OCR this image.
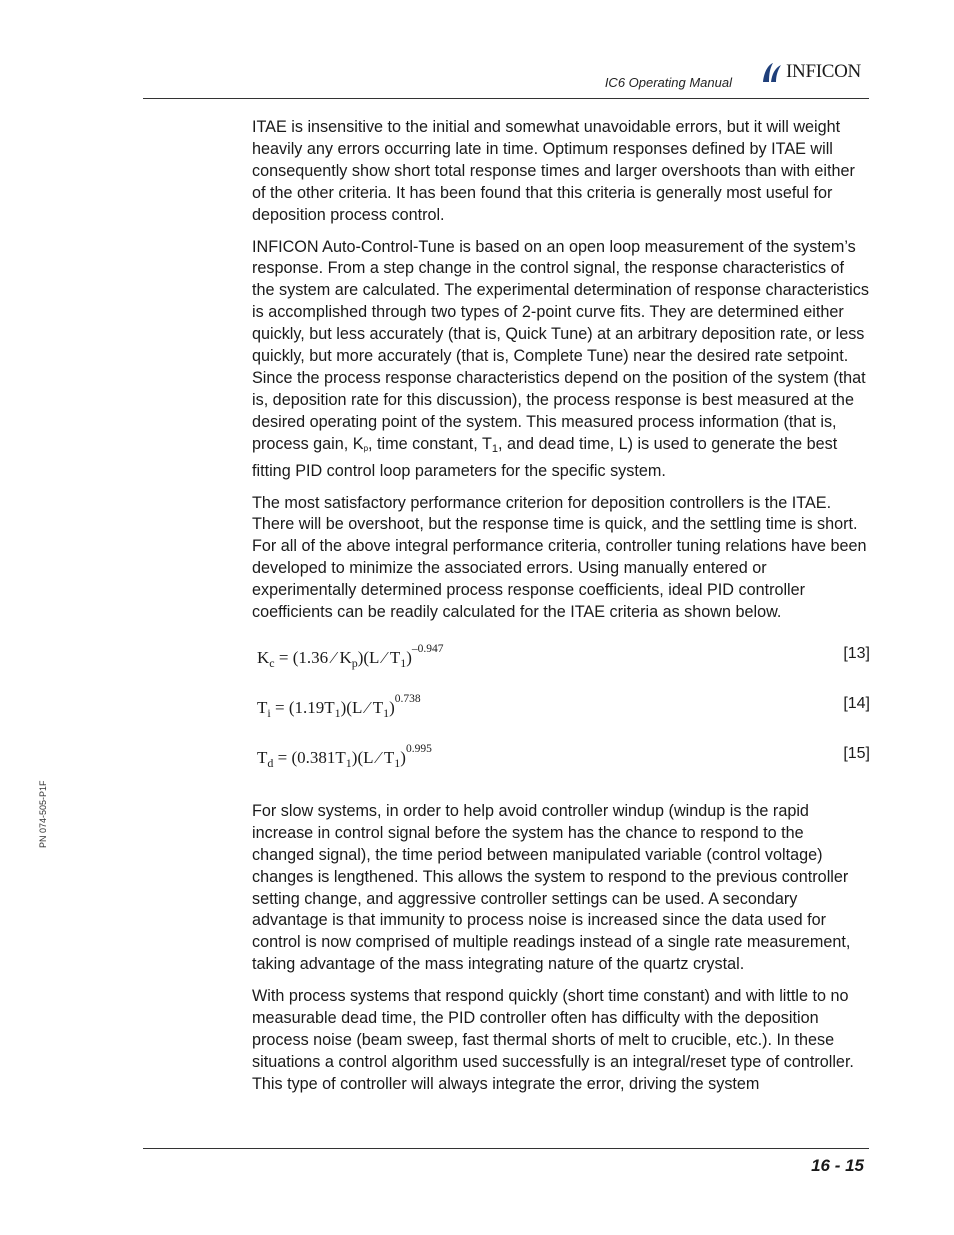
IC6 Operating Manual
INFICON
PN 074-505-P1F

ITAE is insensitive to the initial and somewhat unavoidable errors, but it will weight heavily any errors occurring late in time. Optimum responses defined by ITAE will consequently show short total response times and larger overshoots than with either of the other criteria. It has been found that this criteria is generally most useful for deposition process control.

INFICON Auto-Control-Tune is based on an open loop measurement of the system’s response. From a step change in the control signal, the response characteristics of the system are calculated. The experimental determination of response characteristics is accomplished through two types of 2-point curve fits. They are determined either quickly, but less accurately (that is, Quick Tune) at an arbitrary deposition rate, or less quickly, but more accurately (that is, Complete Tune) near the desired rate setpoint. Since the process response characteristics depend on the position of the system (that is, deposition rate for this discussion), the process response is best measured at the desired operating point of the system. This measured process information (that is, process gain, $K_p$, time constant, $T_1$, and dead time, L) is used to generate the best fitting PID control loop parameters for the specific system.

The most satisfactory performance criterion for deposition controllers is the ITAE. There will be overshoot, but the response time is quick, and the settling time is short. For all of the above integral performance criteria, controller tuning relations have been developed to minimize the associated errors. Using manually entered or experimentally determined process response coefficients, ideal PID controller coefficients can be readily calculated for the ITAE criteria as shown below.

$K_c = (1.36$ ⁄ $K_p)(L$ ⁄ $T_1)^{-0.947}$	[13]
$T_i = (1.19T_1)(L$ ⁄ $T_1)^{0.738}$	[14]
$T_d = (0.381T_1)(L$ ⁄ $T_1)^{0.995}$	[15]

For slow systems, in order to help avoid controller windup (windup is the rapid increase in control signal before the system has the chance to respond to the changed signal), the time period between manipulated variable (control voltage) changes is lengthened. This allows the system to respond to the previous controller setting change, and aggressive controller settings can be used. A secondary advantage is that immunity to process noise is increased since the data used for control is now comprised of multiple readings instead of a single rate measurement, taking advantage of the mass integrating nature of the quartz crystal.

With process systems that respond quickly (short time constant) and with little to no measurable dead time, the PID controller often has difficulty with the deposition process noise (beam sweep, fast thermal shorts of melt to crucible, etc.). In these situations a control algorithm used successfully is an integral/reset type of controller. This type of controller will always integrate the error, driving the system

16 - 15
